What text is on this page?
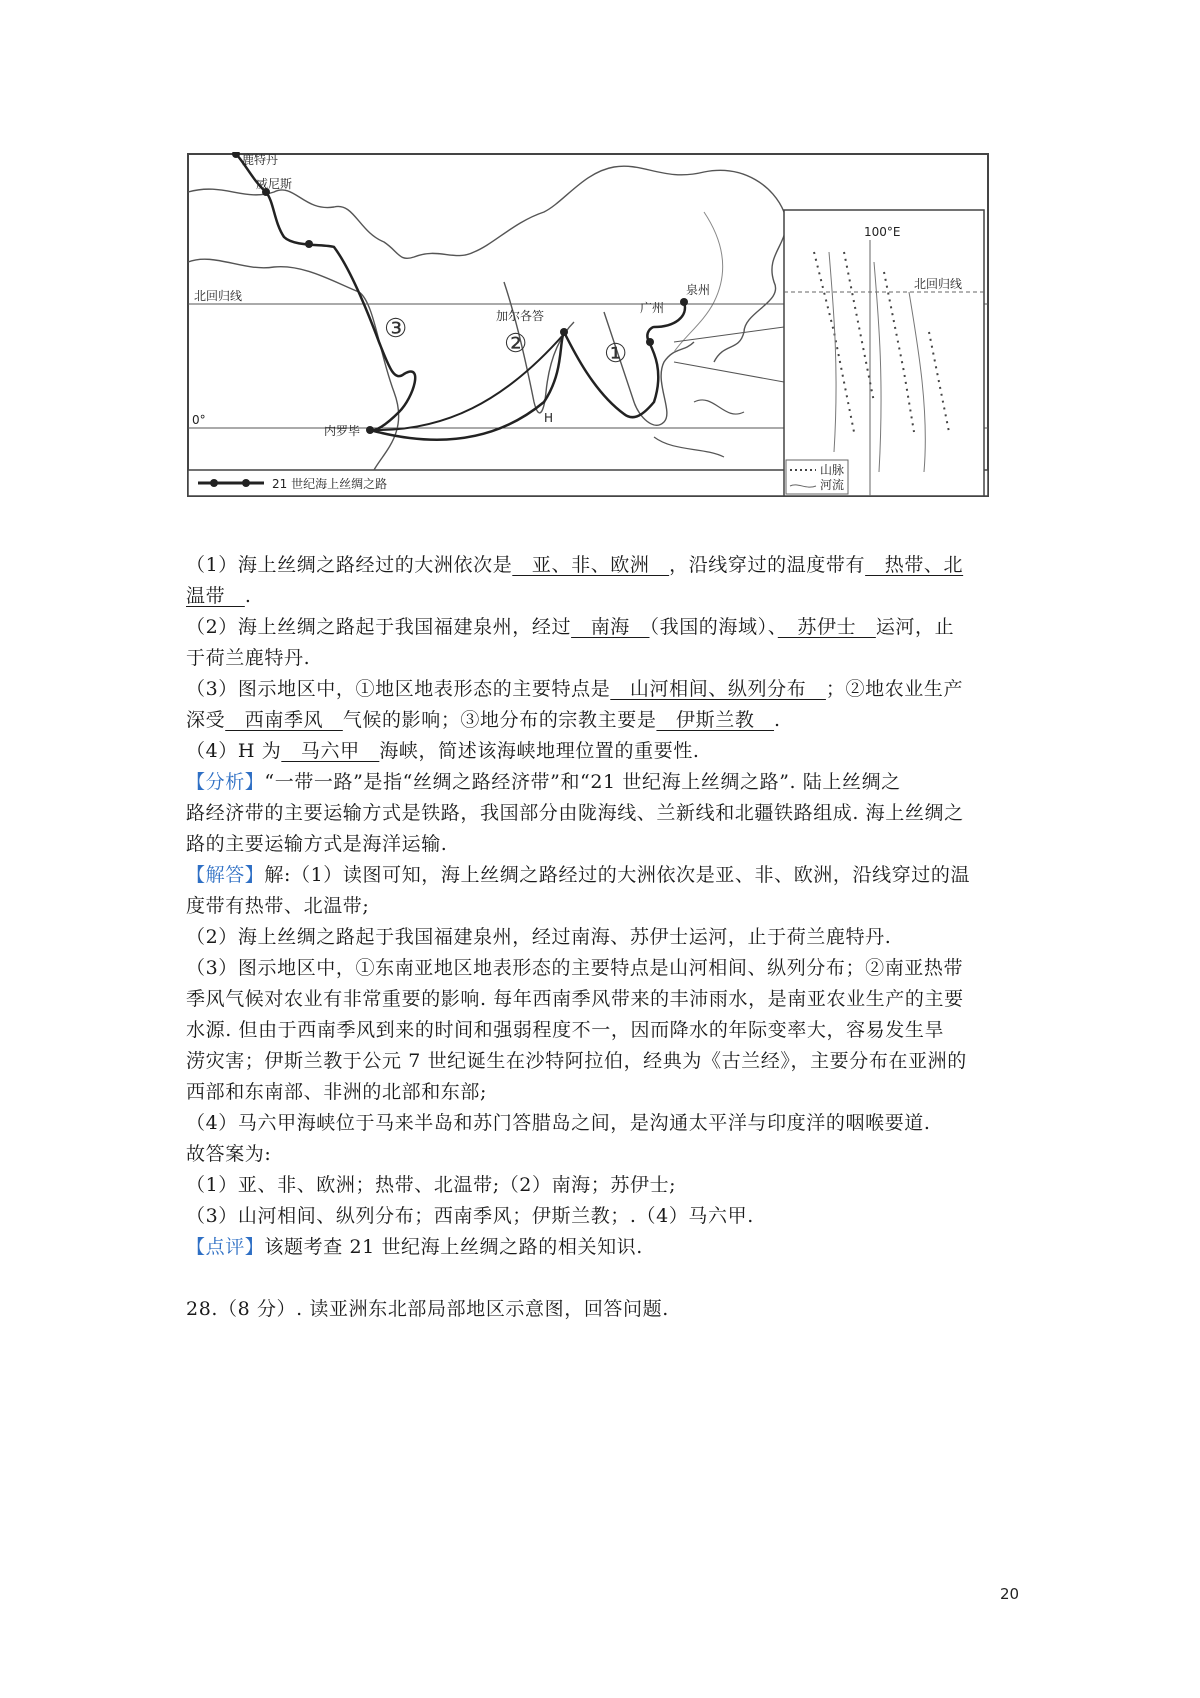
21 世纪海上丝绸之路
北回归线
0°
鹿特丹
威尼斯
加尔各答
泉州
广州
内罗毕
H
③	②	①
100°E
北回归线
山脉
河流
（1）海上丝绸之路经过的大洲依次是　亚、非、欧洲　，沿线穿过的温度带有　热带、北
温带　.
（2）海上丝绸之路起于我国福建泉州，经过　南海　（我国的海域）、　苏伊士　运河，止
于荷兰鹿特丹.
（3）图示地区中，①地区地表形态的主要特点是　山河相间、纵列分布　；②地农业生产
深受　西南季风　气候的影响；③地分布的宗教主要是　伊斯兰教　.
（4）H 为　马六甲　海峡，简述该海峡地理位置的重要性.
【分析】“一带一路”是指“丝绸之路经济带”和“21 世纪海上丝绸之路”. 陆上丝绸之
路经济带的主要运输方式是铁路，我国部分由陇海线、兰新线和北疆铁路组成. 海上丝绸之
路的主要运输方式是海洋运输.
【解答】解:（1）读图可知，海上丝绸之路经过的大洲依次是亚、非、欧洲，沿线穿过的温
度带有热带、北温带;
（2）海上丝绸之路起于我国福建泉州，经过南海、苏伊士运河，止于荷兰鹿特丹.
（3）图示地区中，①东南亚地区地表形态的主要特点是山河相间、纵列分布；②南亚热带
季风气候对农业有非常重要的影响. 每年西南季风带来的丰沛雨水，是南亚农业生产的主要
水源. 但由于西南季风到来的时间和强弱程度不一，因而降水的年际变率大，容易发生旱
涝灾害；伊斯兰教于公元 7 世纪诞生在沙特阿拉伯，经典为《古兰经》，主要分布在亚洲的
西部和东南部、非洲的北部和东部;
（4）马六甲海峡位于马来半岛和苏门答腊岛之间，是沟通太平洋与印度洋的咽喉要道.
故答案为:
（1）亚、非、欧洲；热带、北温带;（2）南海；苏伊士;
（3）山河相间、纵列分布；西南季风；伊斯兰教；.（4）马六甲.
【点评】该题考查 21 世纪海上丝绸之路的相关知识.
28.（8 分）. 读亚洲东北部局部地区示意图，回答问题.
20
